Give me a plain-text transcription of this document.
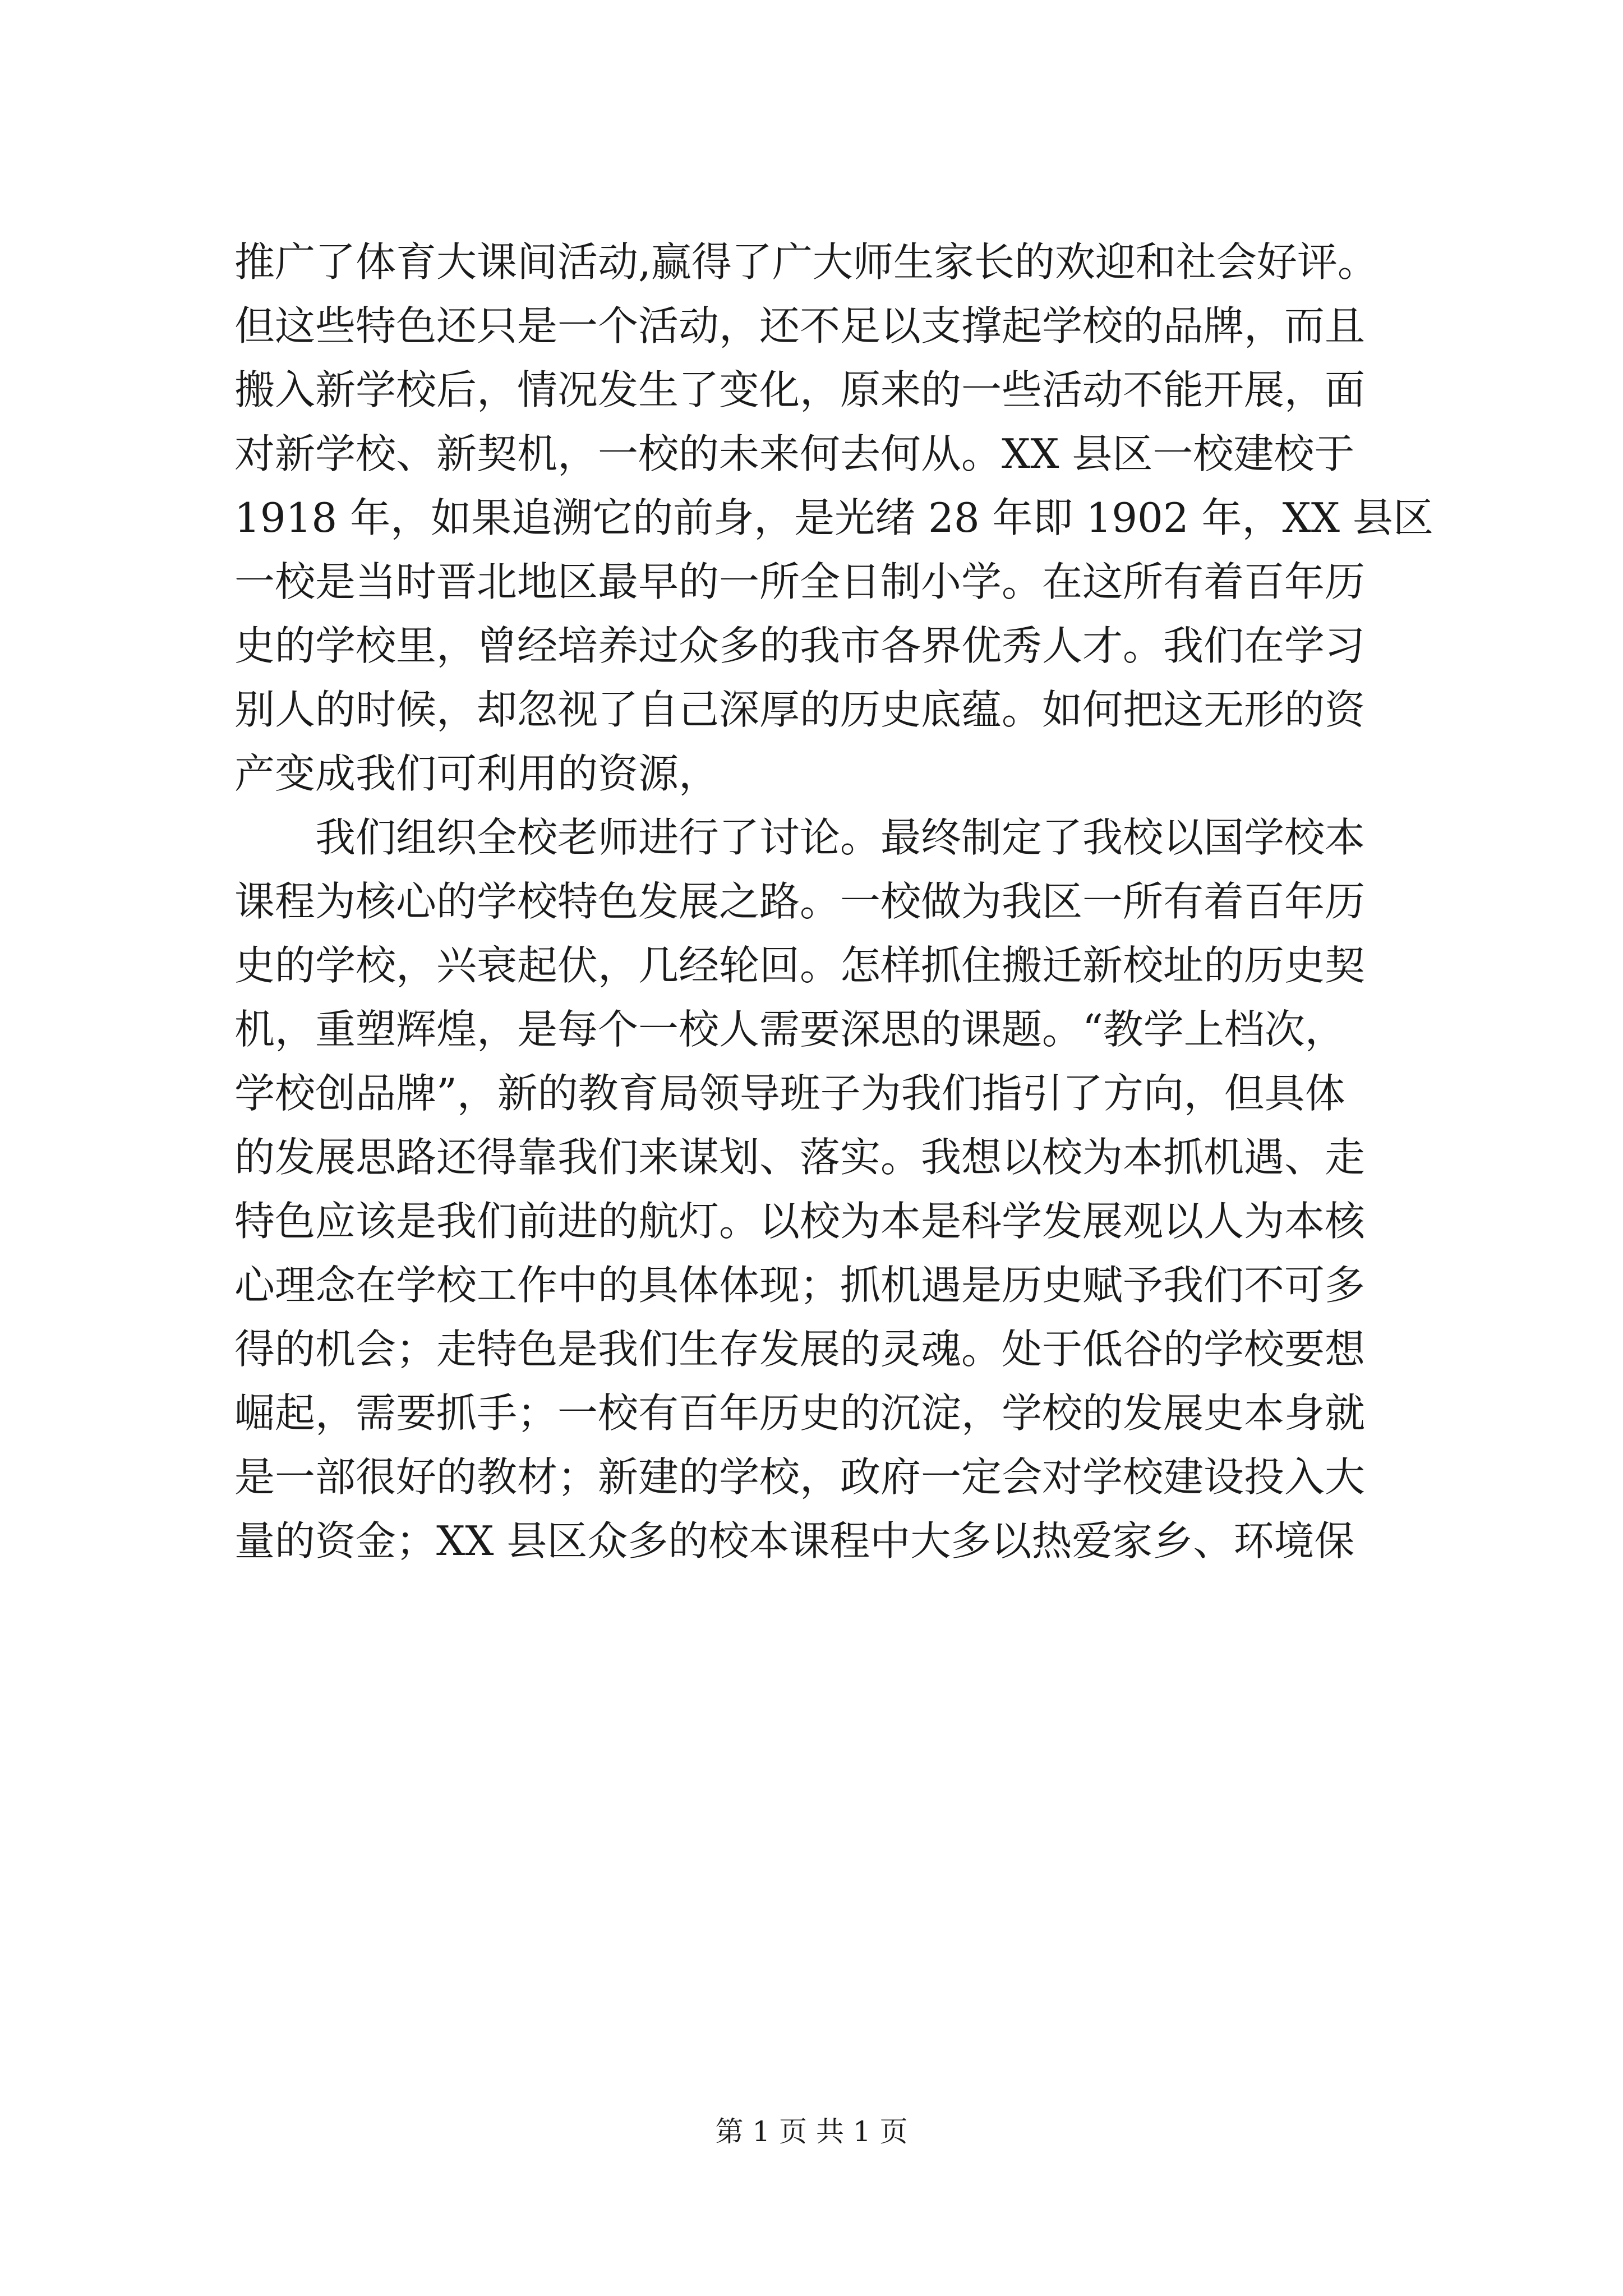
推广了体育大课间活动,赢得了广大师生家长的欢迎和社会好评。
但这些特色还只是一个活动，还不足以支撑起学校的品牌，而且
搬入新学校后，情况发生了变化，原来的一些活动不能开展，面
对新学校、新契机，一校的未来何去何从。XX 县区一校建校于
1918 年，如果追溯它的前身，是光绪 28 年即 1902 年，XX 县区
一校是当时晋北地区最早的一所全日制小学。在这所有着百年历
史的学校里，曾经培养过众多的我市各界优秀人才。我们在学习
别人的时候，却忽视了自己深厚的历史底蕴。如何把这无形的资
产变成我们可利用的资源，
　　我们组织全校老师进行了讨论。最终制定了我校以国学校本
课程为核心的学校特色发展之路。一校做为我区一所有着百年历
史的学校，兴衰起伏，几经轮回。怎样抓住搬迁新校址的历史契
机，重塑辉煌，是每个一校人需要深思的课题。“教学上档次，
学校创品牌”，新的教育局领导班子为我们指引了方向，但具体
的发展思路还得靠我们来谋划、落实。我想以校为本抓机遇、走
特色应该是我们前进的航灯。以校为本是科学发展观以人为本核
心理念在学校工作中的具体体现；抓机遇是历史赋予我们不可多
得的机会；走特色是我们生存发展的灵魂。处于低谷的学校要想
崛起，需要抓手；一校有百年历史的沉淀，学校的发展史本身就
是一部很好的教材；新建的学校，政府一定会对学校建设投入大
量的资金；XX 县区众多的校本课程中大多以热爱家乡、环境保
第 1 页 共 1 页
